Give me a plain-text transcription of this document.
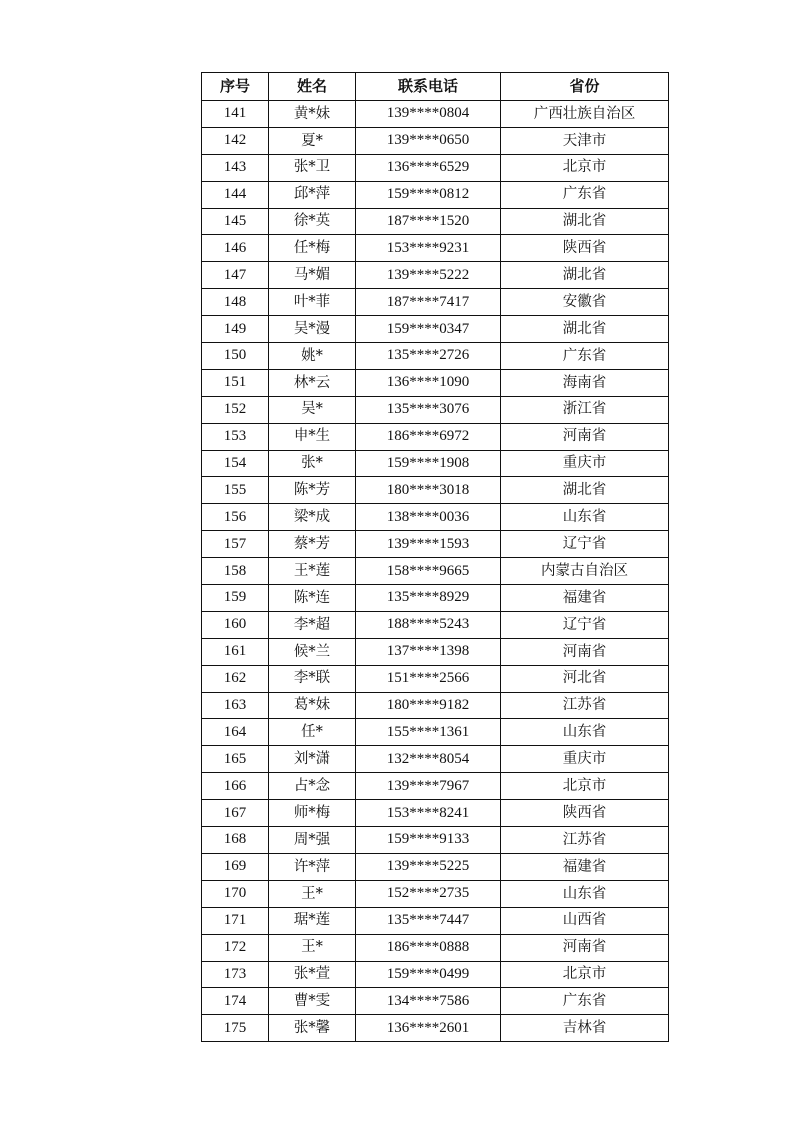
序号	姓名	联系电话	省份
141	黄*妹	139****0804	广西壮族自治区
142	夏*	139****0650	天津市
143	张*卫	136****6529	北京市
144	邱*萍	159****0812	广东省
145	徐*英	187****1520	湖北省
146	任*梅	153****9231	陕西省
147	马*媚	139****5222	湖北省
148	叶*菲	187****7417	安徽省
149	吴*漫	159****0347	湖北省
150	姚*	135****2726	广东省
151	林*云	136****1090	海南省
152	吴*	135****3076	浙江省
153	申*生	186****6972	河南省
154	张*	159****1908	重庆市
155	陈*芳	180****3018	湖北省
156	梁*成	138****0036	山东省
157	蔡*芳	139****1593	辽宁省
158	王*莲	158****9665	内蒙古自治区
159	陈*连	135****8929	福建省
160	李*超	188****5243	辽宁省
161	候*兰	137****1398	河南省
162	李*联	151****2566	河北省
163	葛*妹	180****9182	江苏省
164	任*	155****1361	山东省
165	刘*潇	132****8054	重庆市
166	占*念	139****7967	北京市
167	师*梅	153****8241	陕西省
168	周*强	159****9133	江苏省
169	许*萍	139****5225	福建省
170	王*	152****2735	山东省
171	琚*莲	135****7447	山西省
172	王*	186****0888	河南省
173	张*萱	159****0499	北京市
174	曹*雯	134****7586	广东省
175	张*馨	136****2601	吉林省
